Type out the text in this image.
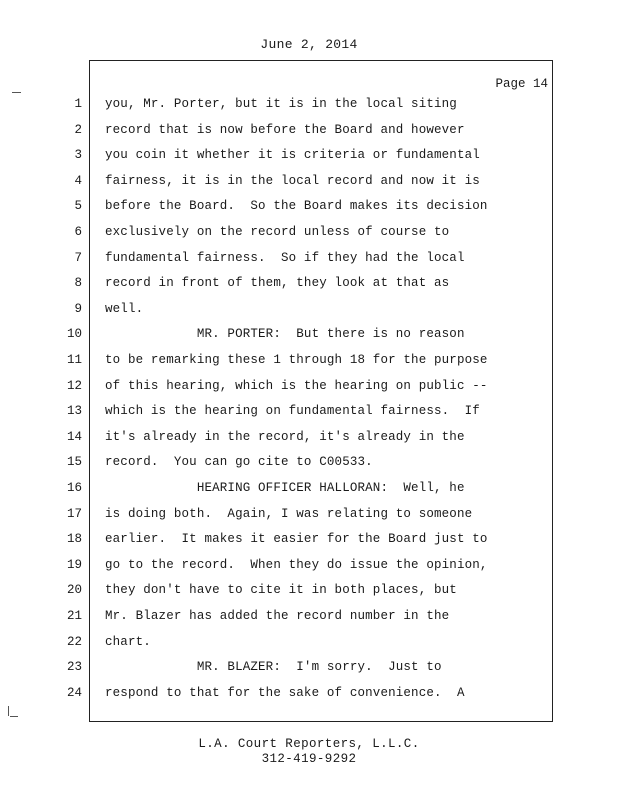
June 2, 2014
Page 14
1 you, Mr. Porter, but it is in the local siting
2 record that is now before the Board and however
3 you coin it whether it is criteria or fundamental
4 fairness, it is in the local record and now it is
5 before the Board.  So the Board makes its decision
6 exclusively on the record unless of course to
7 fundamental fairness.  So if they had the local
8 record in front of them, they look at that as
9 well.
10 MR. PORTER:  But there is no reason
11 to be remarking these 1 through 18 for the purpose
12 of this hearing, which is the hearing on public --
13 which is the hearing on fundamental fairness.  If
14 it's already in the record, it's already in the
15 record.  You can go cite to C00533.
16 HEARING OFFICER HALLORAN:  Well, he
17 is doing both.  Again, I was relating to someone
18 earlier.  It makes it easier for the Board just to
19 go to the record.  When they do issue the opinion,
20 they don't have to cite it in both places, but
21 Mr. Blazer has added the record number in the
22 chart.
23 MR. BLAZER:  I'm sorry.  Just to
24 respond to that for the sake of convenience.  A
L.A. Court Reporters, L.L.C.
312-419-9292
